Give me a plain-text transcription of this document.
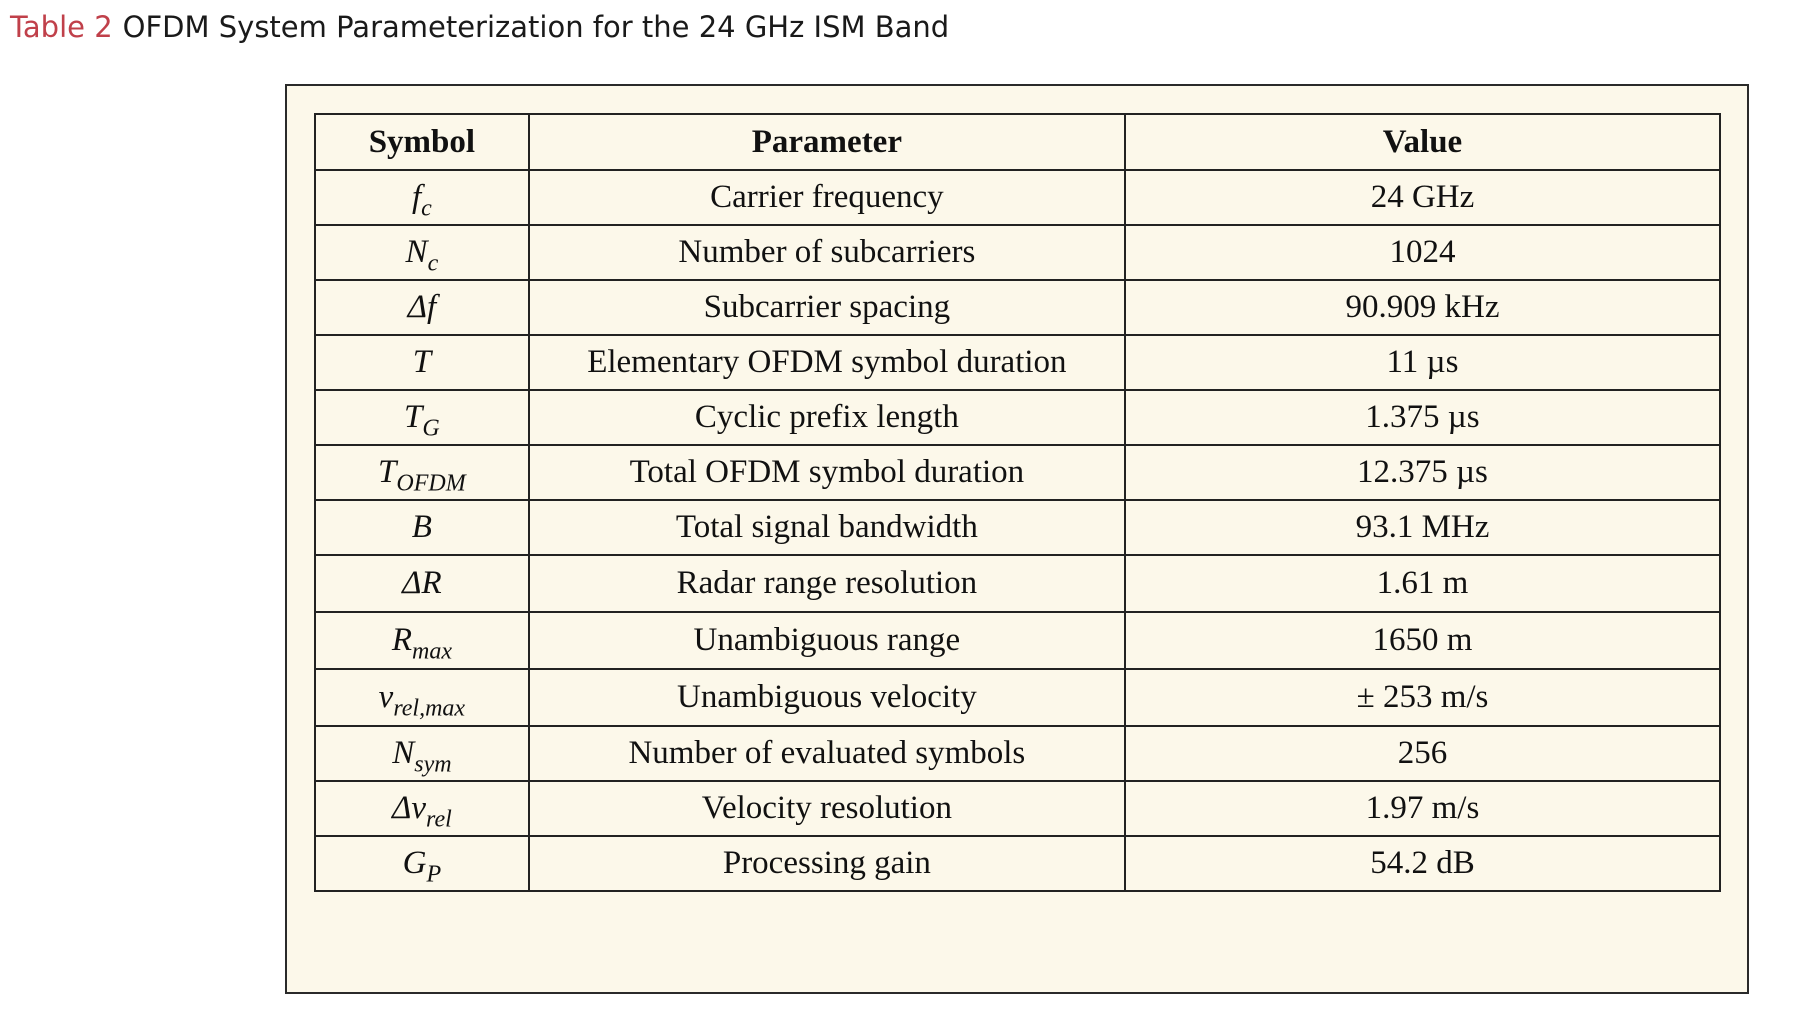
Table 2 OFDM System Parameterization for the 24 GHz ISM Band
Symbol	Parameter	Value
$f_c$	Carrier frequency	24 GHz
$N_c$	Number of subcarriers	1024
Δf	Subcarrier spacing	90.909 kHz
T	Elementary OFDM symbol duration	11 µs
$T_G$	Cyclic prefix length	1.375 µs
$T_{OFDM}$	Total OFDM symbol duration	12.375 µs
B	Total signal bandwidth	93.1 MHz
ΔR	Radar range resolution	1.61 m
$R_{max}$	Unambiguous range	1650 m
$v_{rel,max}$	Unambiguous velocity	± 253 m/s
$N_{sym}$	Number of evaluated symbols	256
$\Delta v_{rel}$	Velocity resolution	1.97 m/s
$G_P$	Processing gain	54.2 dB
